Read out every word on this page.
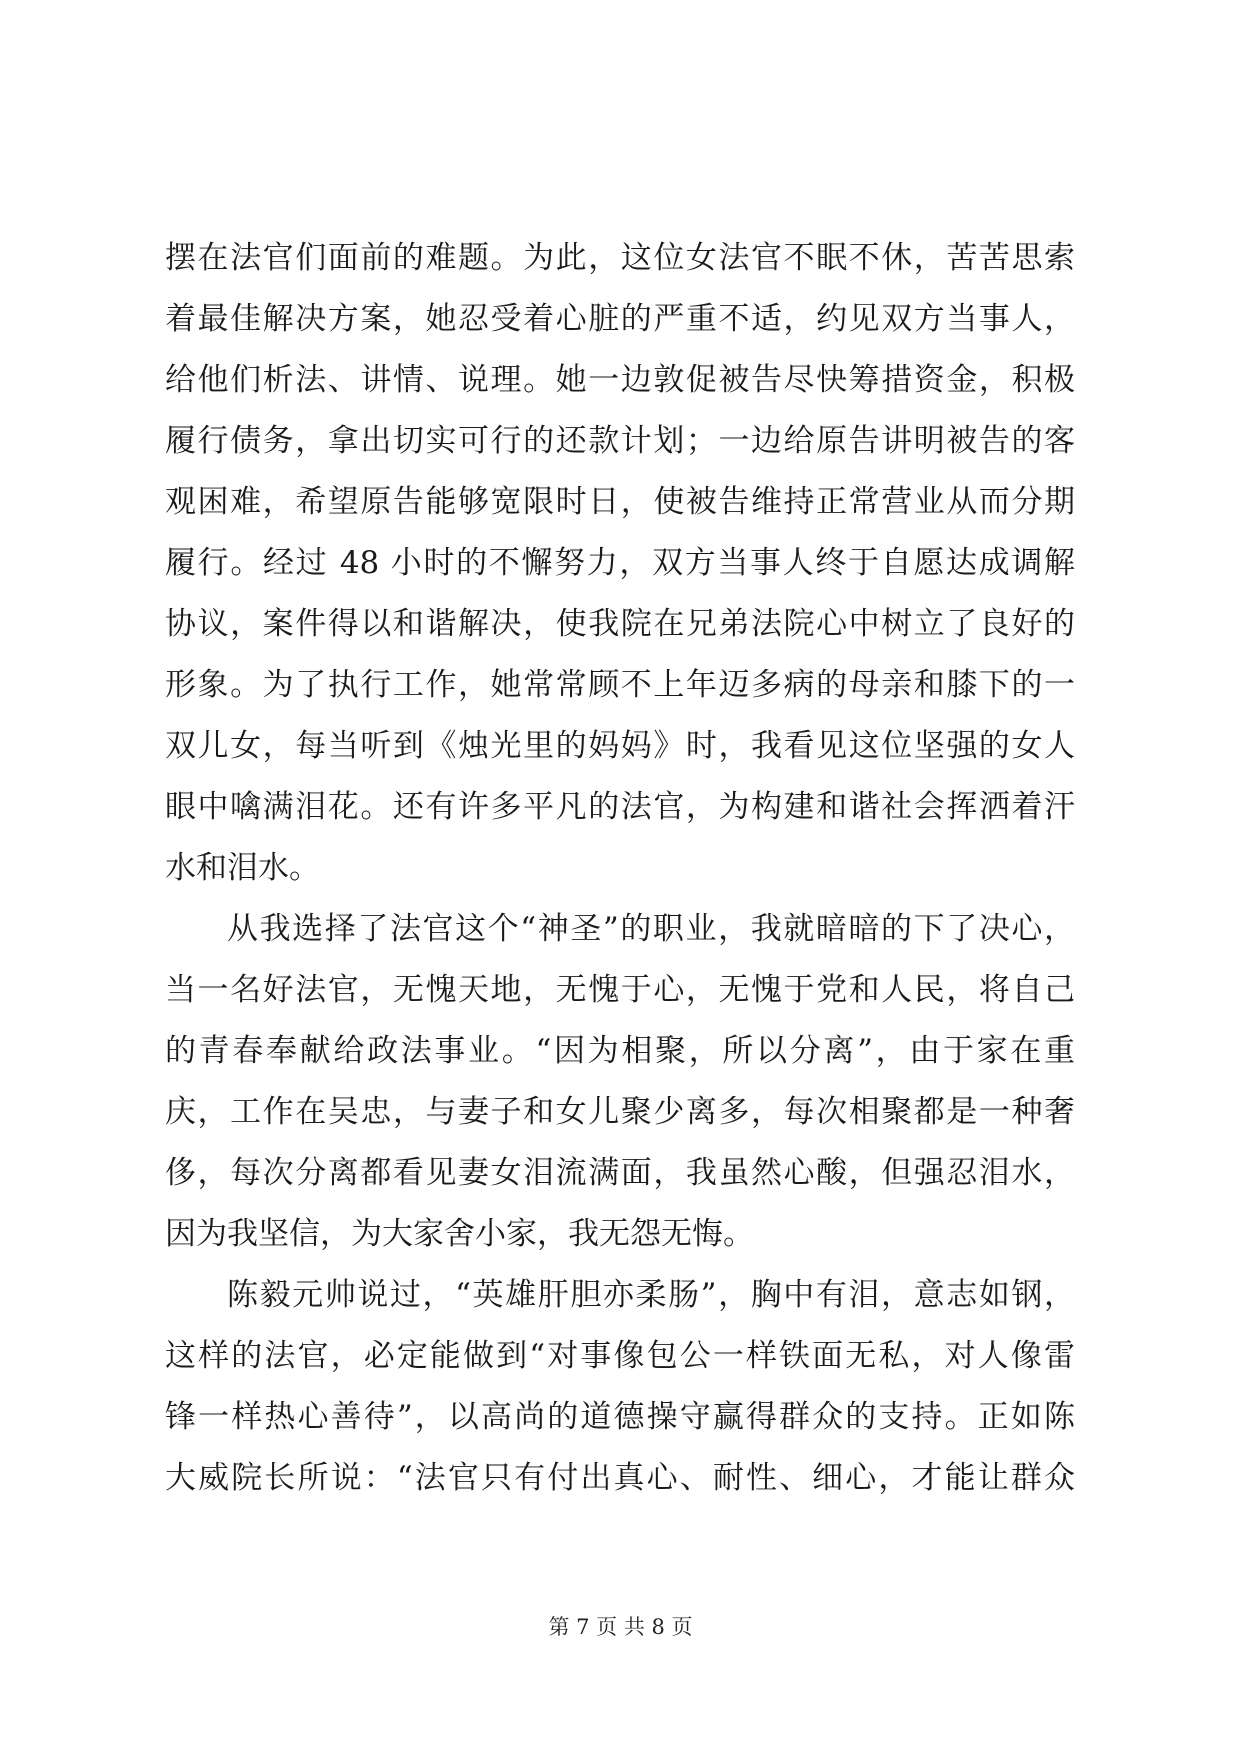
摆在法官们面前的难题。为此，这位女法官不眠不休，苦苦思索
着最佳解决方案，她忍受着心脏的严重不适，约见双方当事人，
给他们析法、讲情、说理。她一边敦促被告尽快筹措资金，积极
履行债务，拿出切实可行的还款计划；一边给原告讲明被告的客
观困难，希望原告能够宽限时日，使被告维持正常营业从而分期
履行。经过 48 小时的不懈努力，双方当事人终于自愿达成调解
协议，案件得以和谐解决，使我院在兄弟法院心中树立了良好的
形象。为了执行工作，她常常顾不上年迈多病的母亲和膝下的一
双儿女，每当听到《烛光里的妈妈》时，我看见这位坚强的女人
眼中噙满泪花。还有许多平凡的法官，为构建和谐社会挥洒着汗
水和泪水。
从我选择了法官这个“神圣”的职业，我就暗暗的下了决心，
当一名好法官，无愧天地，无愧于心，无愧于党和人民，将自己
的青春奉献给政法事业。“因为相聚，所以分离”，由于家在重
庆，工作在吴忠，与妻子和女儿聚少离多，每次相聚都是一种奢
侈，每次分离都看见妻女泪流满面，我虽然心酸，但强忍泪水，
因为我坚信，为大家舍小家，我无怨无悔。
陈毅元帅说过，“英雄肝胆亦柔肠”，胸中有泪，意志如钢，
这样的法官，必定能做到“对事像包公一样铁面无私，对人像雷
锋一样热心善待”，以高尚的道德操守赢得群众的支持。正如陈
大威院长所说：“法官只有付出真心、耐性、细心，才能让群众
第 7 页 共 8 页
